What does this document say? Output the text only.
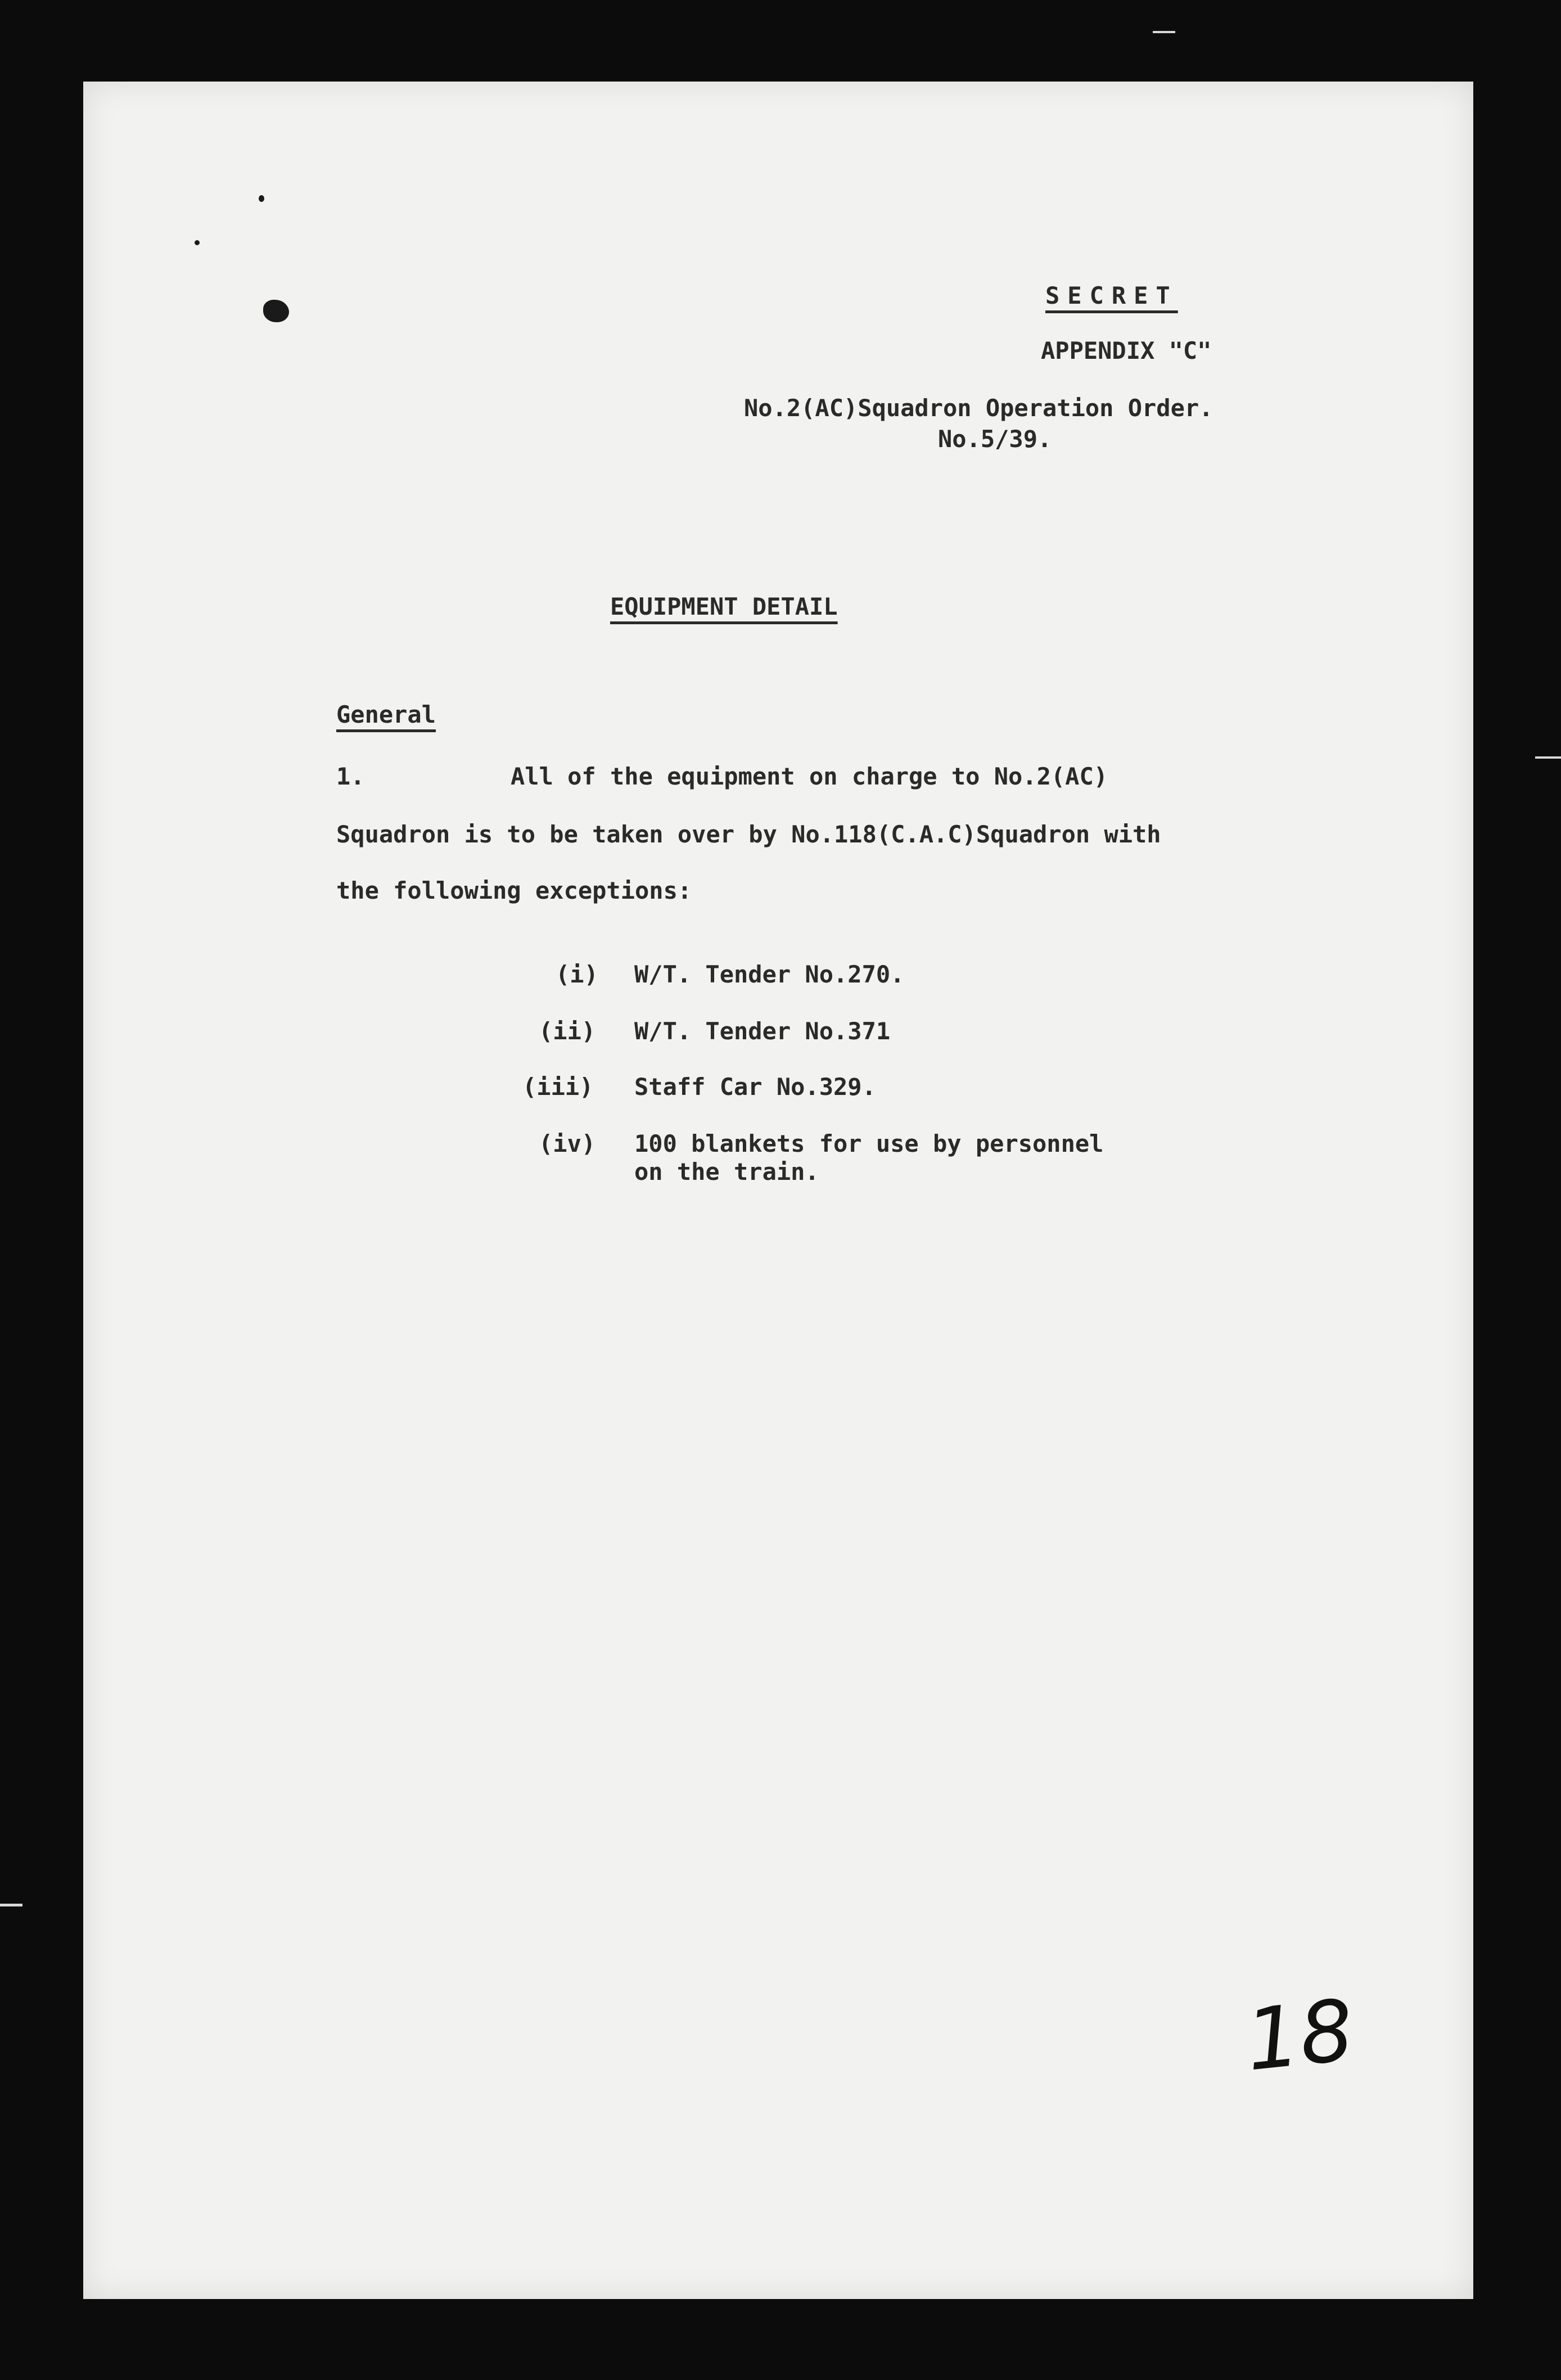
SECRET
APPENDIX "C"
No.2(AC)Squadron Operation Order.
No.5/39.
EQUIPMENT DETAIL
General
1.	All of the equipment on charge to No.2(AC)
Squadron is to be taken over by No.118(C.A.C)Squadron with
the following exceptions:
(i) W/T. Tender No.270.
(ii) W/T. Tender No.371
(iii) Staff Car No.329.
(iv) 100 blankets for use by personnel
on the train.
18
